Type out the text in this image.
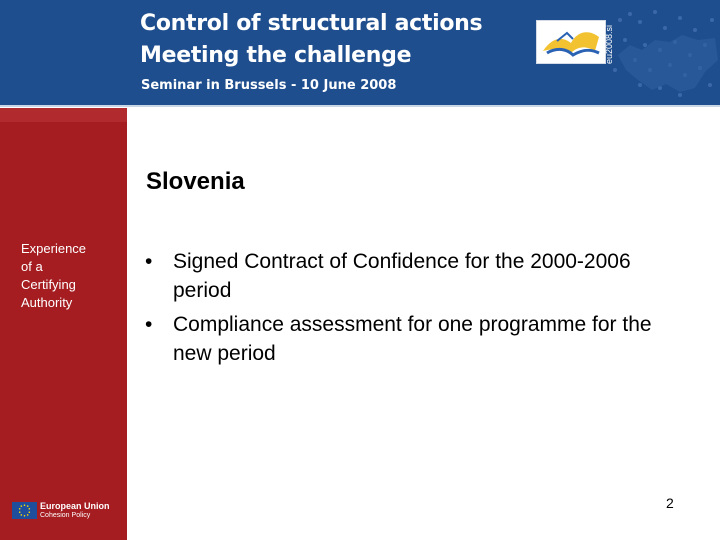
Control of structural actions
Meeting the challenge
Seminar in Brussels - 10 June 2008
eu2008.si
Experience
of a
Certifying
Authority
European Union
Cohesion Policy
Slovenia
• Signed Contract of Confidence for the 2000-2006 period
• Compliance assessment for one programme for the new period
2
